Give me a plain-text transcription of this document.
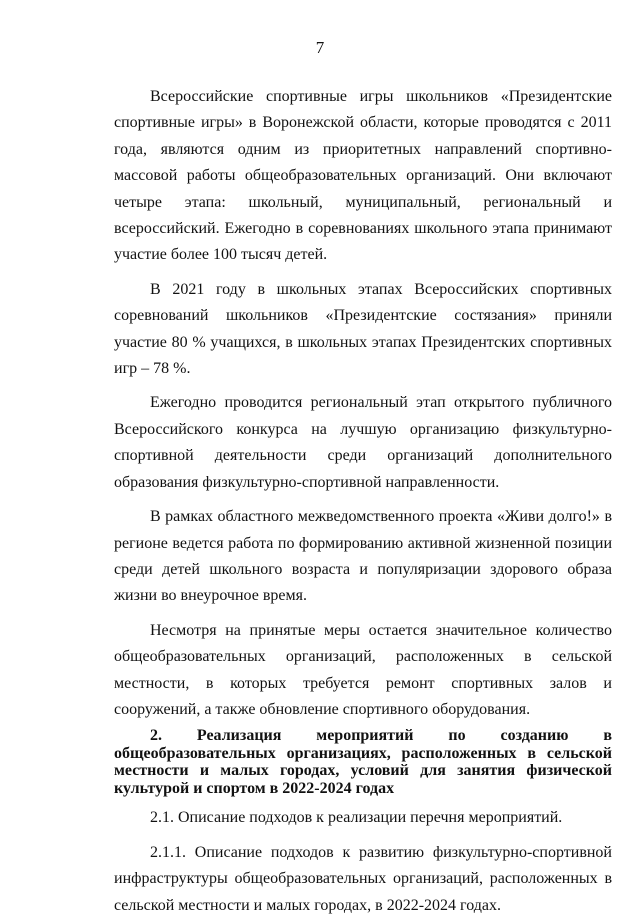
7

Всероссийские спортивные игры школьников «Президентские спортивные игры» в Воронежской области, которые проводятся с 2011 года, являются одним из приоритетных направлений спортивно-массовой работы общеобразовательных организаций. Они включают четыре этапа: школьный, муниципальный, региональный и всероссийский. Ежегодно в соревнованиях школьного этапа принимают участие более 100 тысяч детей.

В 2021 году в школьных этапах Всероссийских спортивных соревнований школьников «Президентские состязания» приняли участие 80 % учащихся, в школьных этапах Президентских спортивных игр – 78 %.

Ежегодно проводится региональный этап открытого публичного Всероссийского конкурса на лучшую организацию физкультурно-спортивной деятельности среди организаций дополнительного образования физкультурно-спортивной направленности.

В рамках областного межведомственного проекта «Живи долго!» в регионе ведется работа по формированию активной жизненной позиции среди детей школьного возраста и популяризации здорового образа жизни во внеурочное время.

Несмотря на принятые меры остается значительное количество общеобразовательных организаций, расположенных в сельской местности, в которых требуется ремонт спортивных залов и сооружений, а также обновление спортивного оборудования.

2. Реализация мероприятий по созданию в общеобразовательных организациях, расположенных в сельской местности и малых городах, условий для занятия физической культурой и спортом в 2022-2024 годах

2.1. Описание подходов к реализации перечня мероприятий.

2.1.1. Описание подходов к развитию физкультурно-спортивной инфраструктуры общеобразовательных организаций, расположенных в сельской местности и малых городах, в 2022-2024 годах.
